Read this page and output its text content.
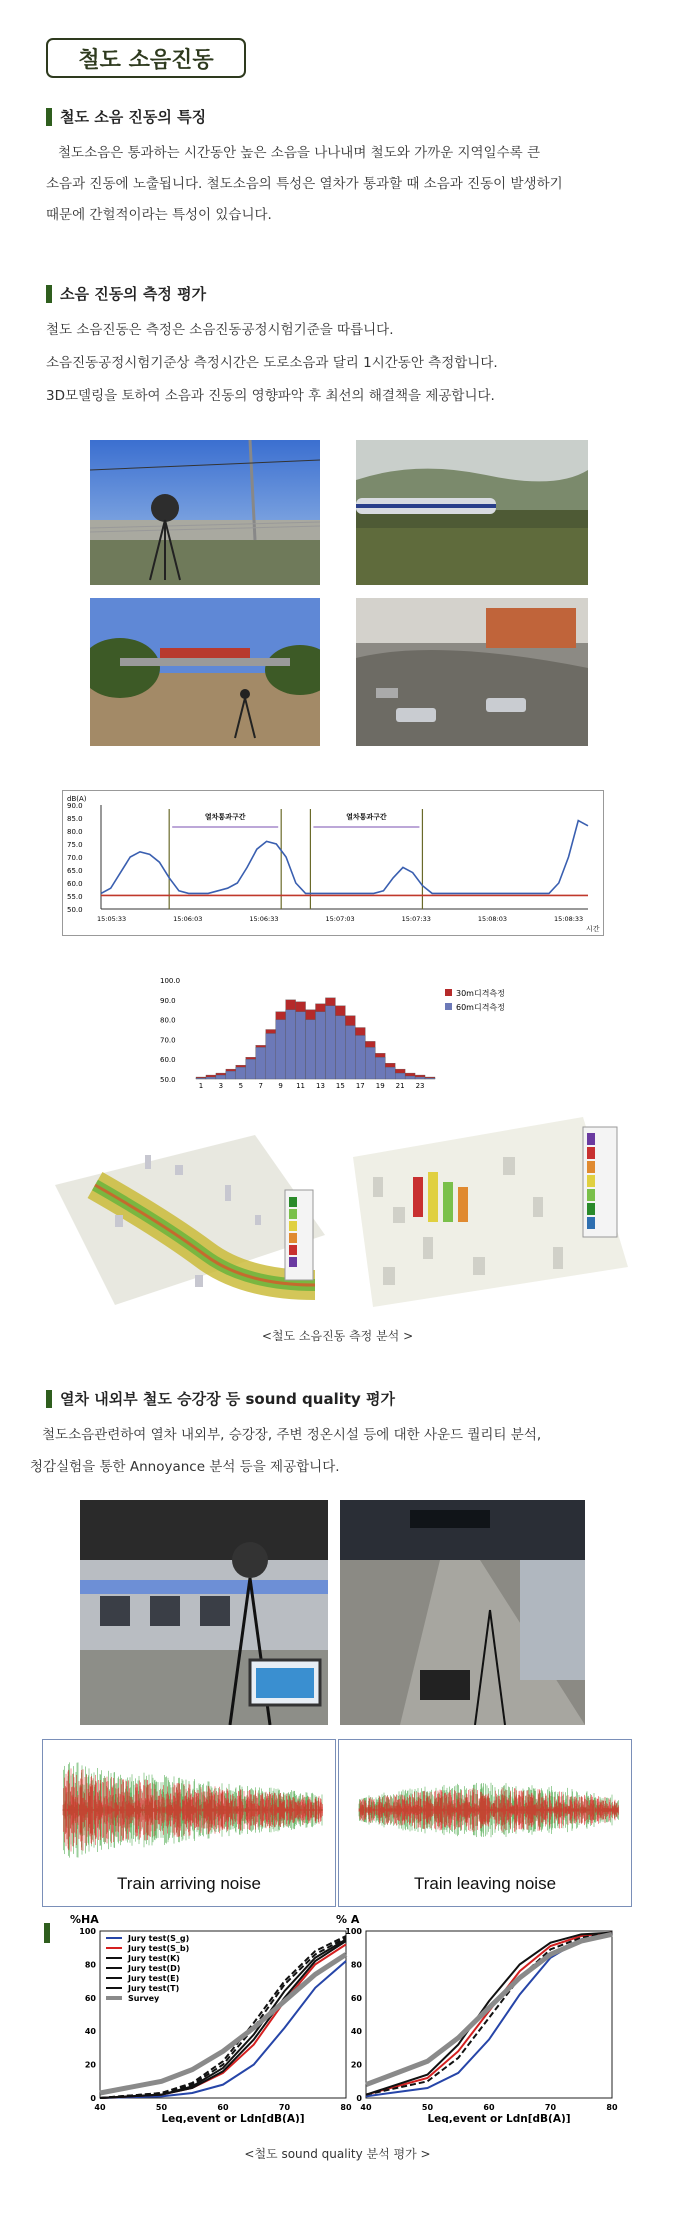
철도 소음진동
철도 소음 진동의 특징
철도소음은 통과하는 시간동안 높은 소음을 나나내며 철도와 가까운 지역일수록 큰
소음과 진동에 노출됩니다. 철도소음의 특성은 열차가 통과할 때 소음과 진동이 발생하기
때문에 간헐적이라는 특성이 있습니다.
소음 진동의 측정 평가
철도 소음진동은 측정은 소음진동공정시험기준을 따릅니다.
소음진동공정시험기준상 측정시간은 도로소음과 달리 1시간동안 측정합니다.
3D모델링을 토하여 소음과 진동의 영향파악 후 최선의 해결책을 제공합니다.
dB(A)
90.0
85.0
80.0
75.0
70.0
65.0
60.0
55.0
50.0
15:05:33	15:06:03	15:06:33	15:07:03	15:07:33	15:08:03	15:08:33
시간
열차통과구간	열차통과구간
100.0
90.0
80.0
70.0
60.0
50.0
1 3 5 7 9 11 13 15 17 19 21 23
30m디격측정
60m디격측정
<철도 소음진동 측정 분석 >
열차 내외부 철도 승강장 등 sound quality 평가
철도소음관련하여 열차 내외부, 승강장, 주변 정온시설 등에 대한 사운드 퀄리티 분석,
청감실험을 통한 Annoyance 분석 등을 제공합니다.
Train arriving noise	Train leaving noise
%HA
100
80
60
40
20
0
40	50	60	70	80
Leq,event or Ldn[dB(A)]
Jury test(S_g)
Jury test(S_b)
Jury test(K)
Jury test(D)
Jury test(E)
Jury test(T)
Survey
% A
100
80
60
40
20
0
40	50	60	70	80
Leq,event or Ldn[dB(A)]
<철도 sound quality 분석 평가 >
